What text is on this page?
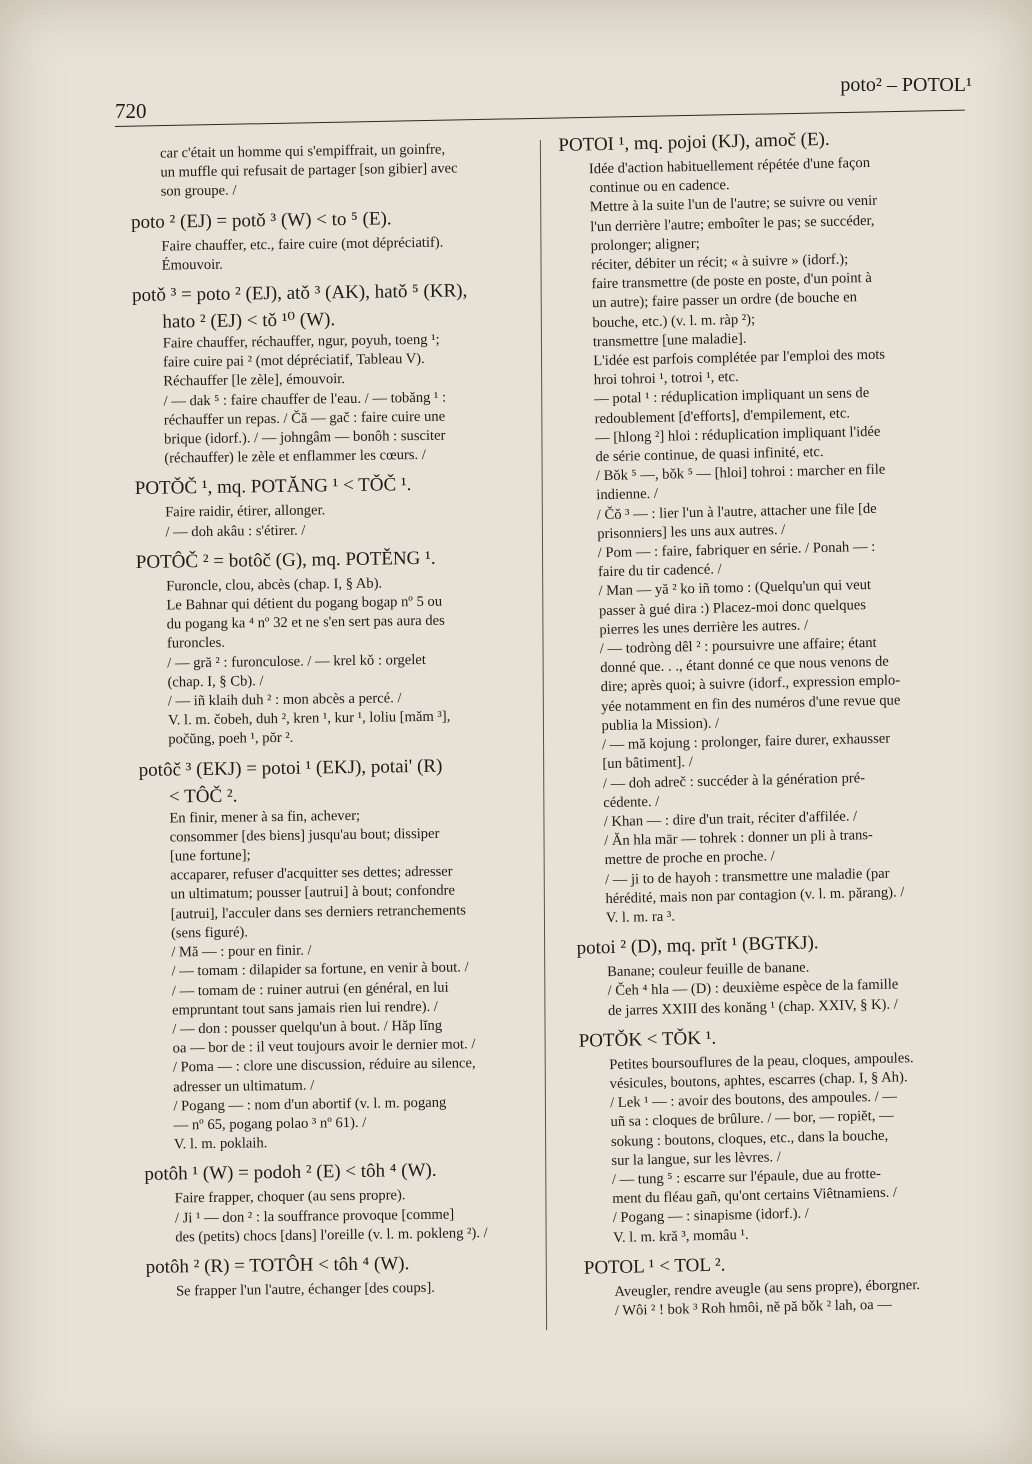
poto² – POTOL¹
720

car c'était un homme qui s'empiffrait, un goinfre,

un muffle qui refusait de partager [son gibier] avec

son groupe. /

poto ² (EJ) = potǒ ³ (W) < to ⁵ (E).

Faire chauffer, etc., faire cuire (mot dépréciatif).

Émouvoir.

potǒ ³ = poto ² (EJ), atǒ ³ (AK), hatǒ ⁵ (KR),
hato ² (EJ) < tǒ ¹⁰ (W).

Faire chauffer, réchauffer, ngur, poyuh, toeng ¹;

faire cuire pai ² (mot dépréciatif, Tableau V).

Réchauffer [le zèle], émouvoir.

/ — dak ⁵ : faire chauffer de l'eau. / — tobǎng ¹ :

réchauffer un repas. / Čă — gač : faire cuire une

brique (idorf.). / — johngâm — bonôh : susciter

(réchauffer) le zèle et enflammer les cœurs. /

POTǑČ ¹, mq. POTĂNG ¹ < TǑČ ¹.

Faire raidir, étirer, allonger.

/ — doh akâu : s'étirer. /

POTÔČ ² = botôč (G), mq. POTĚNG ¹.

Furoncle, clou, abcès (chap. I, § Ab).

Le Bahnar qui détient du pogang bogap nº 5 ou

du pogang ka ⁴ nº 32 et ne s'en sert pas aura des

furoncles.

/ — gră ² : furonculose. / — krel kǒ : orgelet

(chap. I, § Cb). /

/ — iñ klaih duh ² : mon abcès a percé. /

V. l. m. čobeh, duh ², kren ¹, kur ¹, loliu [mǎm ³],

počŭng, poeh ¹, pŏr ².

potôč ³ (EKJ) = potoi ¹ (EKJ), potai' (R)
< TÔČ ².

En finir, mener à sa fin, achever;

consommer [des biens] jusqu'au bout; dissiper

[une fortune];

accaparer, refuser d'acquitter ses dettes; adresser

un ultimatum; pousser [autrui] à bout; confondre

[autrui], l'acculer dans ses derniers retranchements

(sens figuré).

/ Mă — : pour en finir. /

/ — tomam : dilapider sa fortune, en venir à bout. /

/ — tomam de : ruiner autrui (en général, en lui

empruntant tout sans jamais rien lui rendre). /

/ — don : pousser quelqu'un à bout. / Hăp lĭng

oa — bor de : il veut toujours avoir le dernier mot. /

/ Poma — : clore une discussion, réduire au silence,

adresser un ultimatum. /

/ Pogang — : nom d'un abortif (v. l. m. pogang

— nº 65, pogang polao ³ nº 61). /

V. l. m. poklaih.

potôh ¹ (W) = podoh ² (E) < tôh ⁴ (W).

Faire frapper, choquer (au sens propre).

/ Ji ¹ — don ² : la souffrance provoque [comme]

des (petits) chocs [dans] l'oreille (v. l. m. pokleng ²). /

potôh ² (R) = TOTÔH < tôh ⁴ (W).

Se frapper l'un l'autre, échanger [des coups].

POTOI ¹, mq. pojoi (KJ), amoč (E).

Idée d'action habituellement répétée d'une façon

continue ou en cadence.

Mettre à la suite l'un de l'autre; se suivre ou venir

l'un derrière l'autre; emboîter le pas; se succéder,

prolonger; aligner;

réciter, débiter un récit; « à suivre » (idorf.);

faire transmettre (de poste en poste, d'un point à

un autre); faire passer un ordre (de bouche en

bouche, etc.) (v. l. m. ràp ²);

transmettre [une maladie].

L'idée est parfois complétée par l'emploi des mots

hroi tohroi ¹, totroi ¹, etc.

— potal ¹ : réduplication impliquant un sens de

redoublement [d'efforts], d'empilement, etc.

— [hlong ²] hloi : réduplication impliquant l'idée

de série continue, de quasi infinité, etc.

/ Bǒk ⁵ —, bǒk ⁵ — [hloi] tohroi : marcher en file

indienne. /

/ Čǒ ³ — : lier l'un à l'autre, attacher une file [de

prisonniers] les uns aux autres. /

/ Pom — : faire, fabriquer en série. / Ponah — :

faire du tir cadencé. /

/ Man — yă ² ko iñ tomo : (Quelqu'un qui veut

passer à gué dira :) Placez-moi donc quelques

pierres les unes derrière les autres. /

/ — todròng dêl ² : poursuivre une affaire; étant

donné que. . ., étant donné ce que nous venons de

dire; après quoi; à suivre (idorf., expression emplo-

yée notamment en fin des numéros d'une revue que

publia la Mission). /

/ — mă kojung : prolonger, faire durer, exhausser

[un bâtiment]. /

/ — doh adreč : succéder à la génération pré-

cédente. /

/ Khan — : dire d'un trait, réciter d'affilée. /

/ Ăn hla mār — tohrek : donner un pli à trans-

mettre de proche en proche. /

/ — ji to de hayoh : transmettre une maladie (par

hérédité, mais non par contagion (v. l. m. părang). /

V. l. m. ra ³.

potoi ² (D), mq. prĭt ¹ (BGTKJ).

Banane; couleur feuille de banane.

/ Čeh ⁴ hla — (D) : deuxième espèce de la famille

de jarres XXIII des konăng ¹ (chap. XXIV, § K). /

POTǑK < TǑK ¹.

Petites boursouflures de la peau, cloques, ampoules.

vésicules, boutons, aphtes, escarres (chap. I, § Ah).

/ Lek ¹ — : avoir des boutons, des ampoules. / —

uñ sa : cloques de brûlure. / — bor, — ropiĕt, —

sokung : boutons, cloques, etc., dans la bouche,

sur la langue, sur les lèvres. /

/ — tung ⁵ : escarre sur l'épaule, due au frotte-

ment du fléau gañ, qu'ont certains Viêtnamiens. /

/ Pogang — : sinapisme (idorf.). /

V. l. m. kră ³, momâu ¹.

POTOL ¹ < TOL ².

Aveugler, rendre aveugle (au sens propre), éborgner.

/ Wôi ² ! bok ³ Roh hmôi, nĕ pă bǒk ² lah, oa —
